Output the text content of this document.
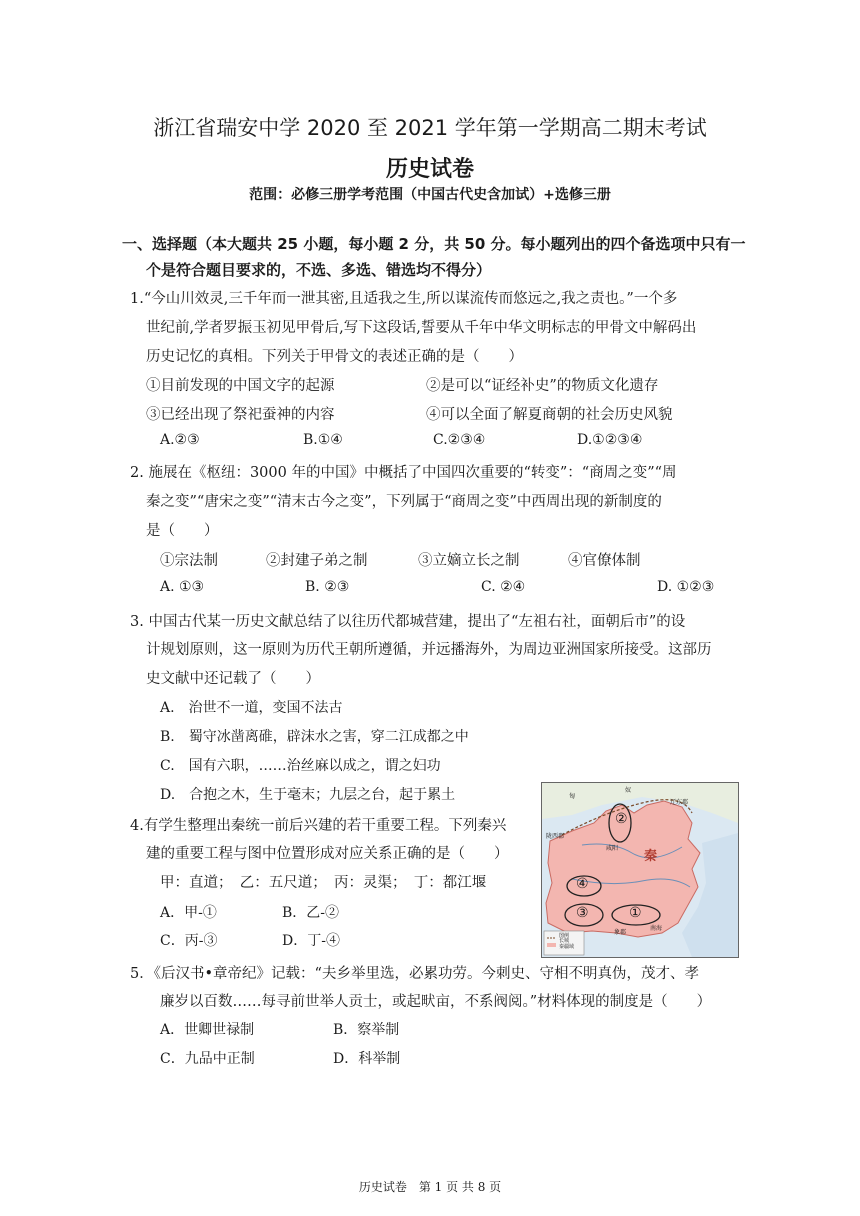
浙江省瑞安中学 2020 至 2021 学年第一学期高二期末考试
历史试卷
范围：必修三册学考范围（中国古代史含加试）+选修三册
一、选择题（本大题共 25 小题，每小题 2 分，共 50 分。每小题列出的四个备选项中只有一
个是符合题目要求的，不选、多选、错选均不得分）
1.“今山川效灵,三千年而一泄其密,且适我之生,所以谋流传而悠远之,我之责也。”一个多
世纪前,学者罗振玉初见甲骨后,写下这段话,誓要从千年中华文明标志的甲骨文中解码出
历史记忆的真相。下列关于甲骨文的表述正确的是（　　）
①目前发现的中国文字的起源	②是可以“证经补史”的物质文化遗存
③已经出现了祭祀蚕神的内容	④可以全面了解夏商朝的社会历史风貌
A.②③	B.①④	C.②③④	D.①②③④
2. 施展在《枢纽：3000 年的中国》中概括了中国四次重要的“转变”：“商周之变”“周
秦之变”“唐宋之变”“清末古今之变”，下列属于“商周之变”中西周出现的新制度的
是（　　）
①宗法制	②封建子弟之制	③立嫡立长之制	④官僚体制
A. ①③	B. ②③	C. ②④	D. ①②③
3. 中国古代某一历史文献总结了以往历代都城营建，提出了“左祖右社，面朝后市”的设
计规划原则，这一原则为历代王朝所遵循，并远播海外，为周边亚洲国家所接受。这部历
史文献中还记载了（　　）
A.　治世不一道，变国不法古
B.　蜀守冰凿离碓，辟沫水之害，穿二江成都之中
C.　国有六职，……治丝麻以成之，谓之妇功
D.　合抱之木，生于毫末；九层之台，起于累土
4.有学生整理出秦统一前后兴建的若干重要工程。下列秦兴
建的重要工程与图中位置形成对应关系正确的是（　　）
甲：直道；　乙：五尺道；　丙：灵渠；　丁：都江堰
A．甲-①	B．乙-②
C．丙-③	D．丁-④
②
④
③	①
秦
匈
奴
陇西郡
辽东郡
南海
象郡
咸阳
图例
长城
秦疆域
5．《后汉书•章帝纪》记载：“夫乡举里选，必累功劳。今刺史、守相不明真伪，茂才、孝
廉岁以百数……每寻前世举人贡士，或起畎亩，不系阀阅。”材料体现的制度是（　　）
A．世卿世禄制	B．察举制
C．九品中正制	D．科举制
历史试卷　第 1 页 共 8 页
